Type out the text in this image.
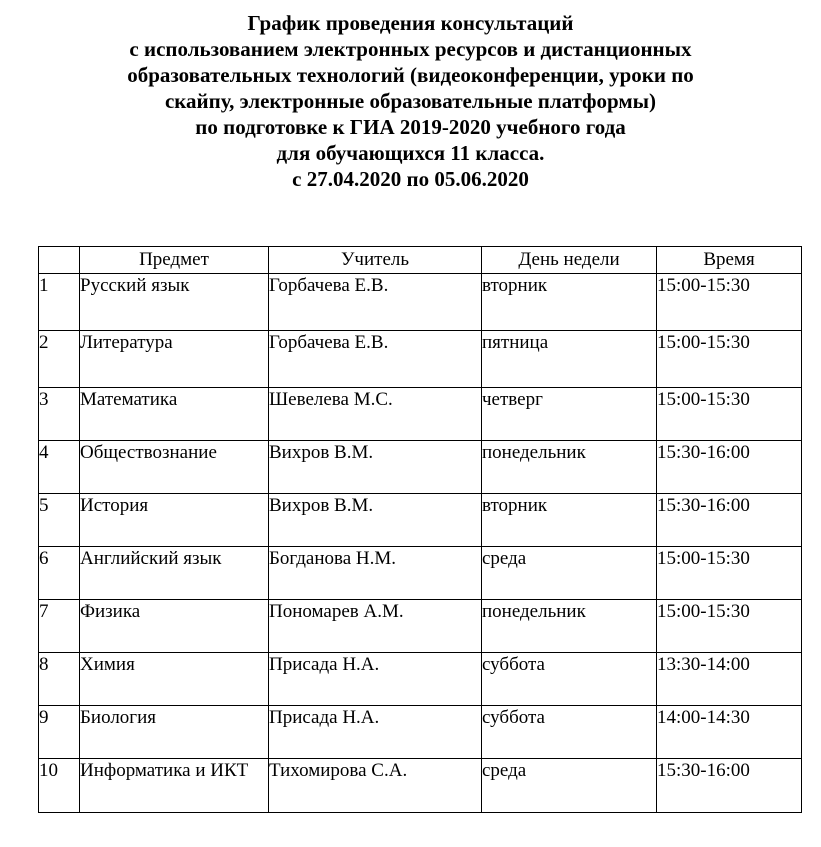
График проведения консультаций
с использованием электронных ресурсов и дистанционных
образовательных технологий (видеоконференции, уроки по
скайпу, электронные образовательные платформы)
по подготовке к ГИА 2019-2020 учебного года
для обучающихся 11 класса.
с 27.04.2020 по 05.06.2020
	Предмет	Учитель	День недели	Время
1	Русский язык	Горбачева Е.В.	вторник	15:00-15:30
2	Литература	Горбачева Е.В.	пятница	15:00-15:30
3	Математика	Шевелева М.С.	четверг	15:00-15:30
4	Обществознание	Вихров В.М.	понедельник	15:30-16:00
5	История	Вихров В.М.	вторник	15:30-16:00
6	Английский язык	Богданова Н.М.	среда	15:00-15:30
7	Физика	Пономарев А.М.	понедельник	15:00-15:30
8	Химия	Присада Н.А.	суббота	13:30-14:00
9	Биология	Присада Н.А.	суббота	14:00-14:30
10	Информатика и ИКТ	Тихомирова С.А.	среда	15:30-16:00
